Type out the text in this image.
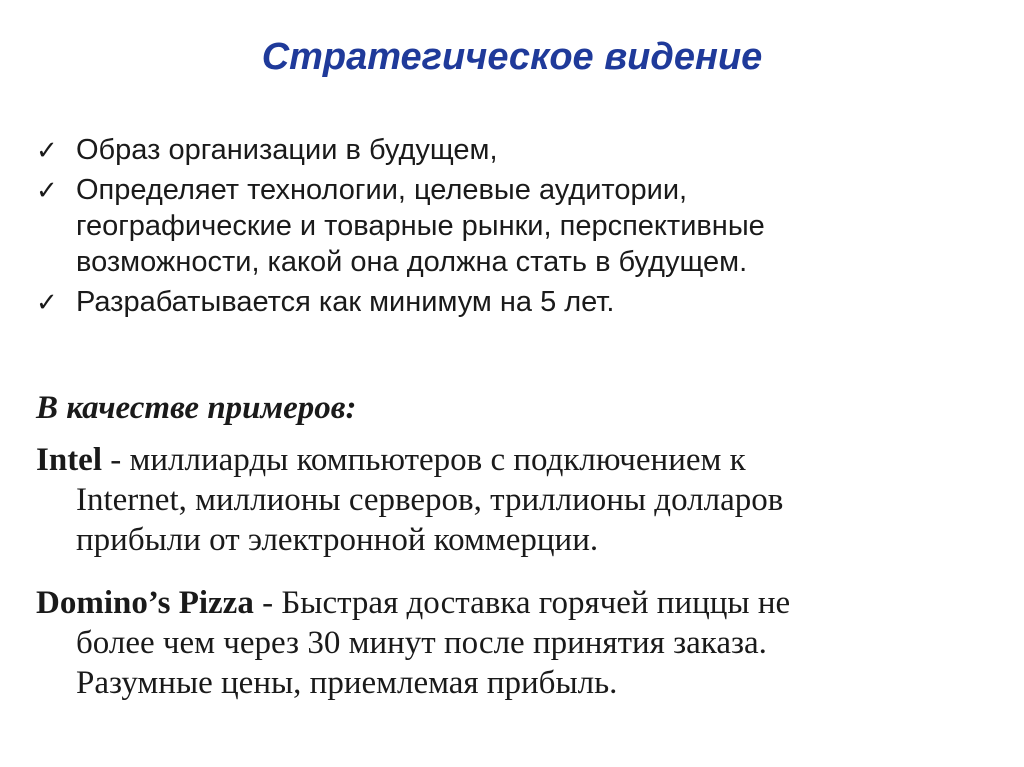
Стратегическое видение
✓ Образ организации в будущем,
✓ Определяет технологии, целевые аудитории, географические и товарные рынки, перспективные возможности, какой она должна стать в будущем.
✓ Разрабатывается как минимум на 5 лет.
В качестве примеров:
Intel - миллиарды компьютеров с подключением к
Internet, миллионы серверов, триллионы долларов
прибыли от электронной коммерции.
Domino’s Pizza - Быстрая доставка горячей пиццы не
более чем через 30 минут после принятия заказа.
Разумные цены, приемлемая прибыль.
